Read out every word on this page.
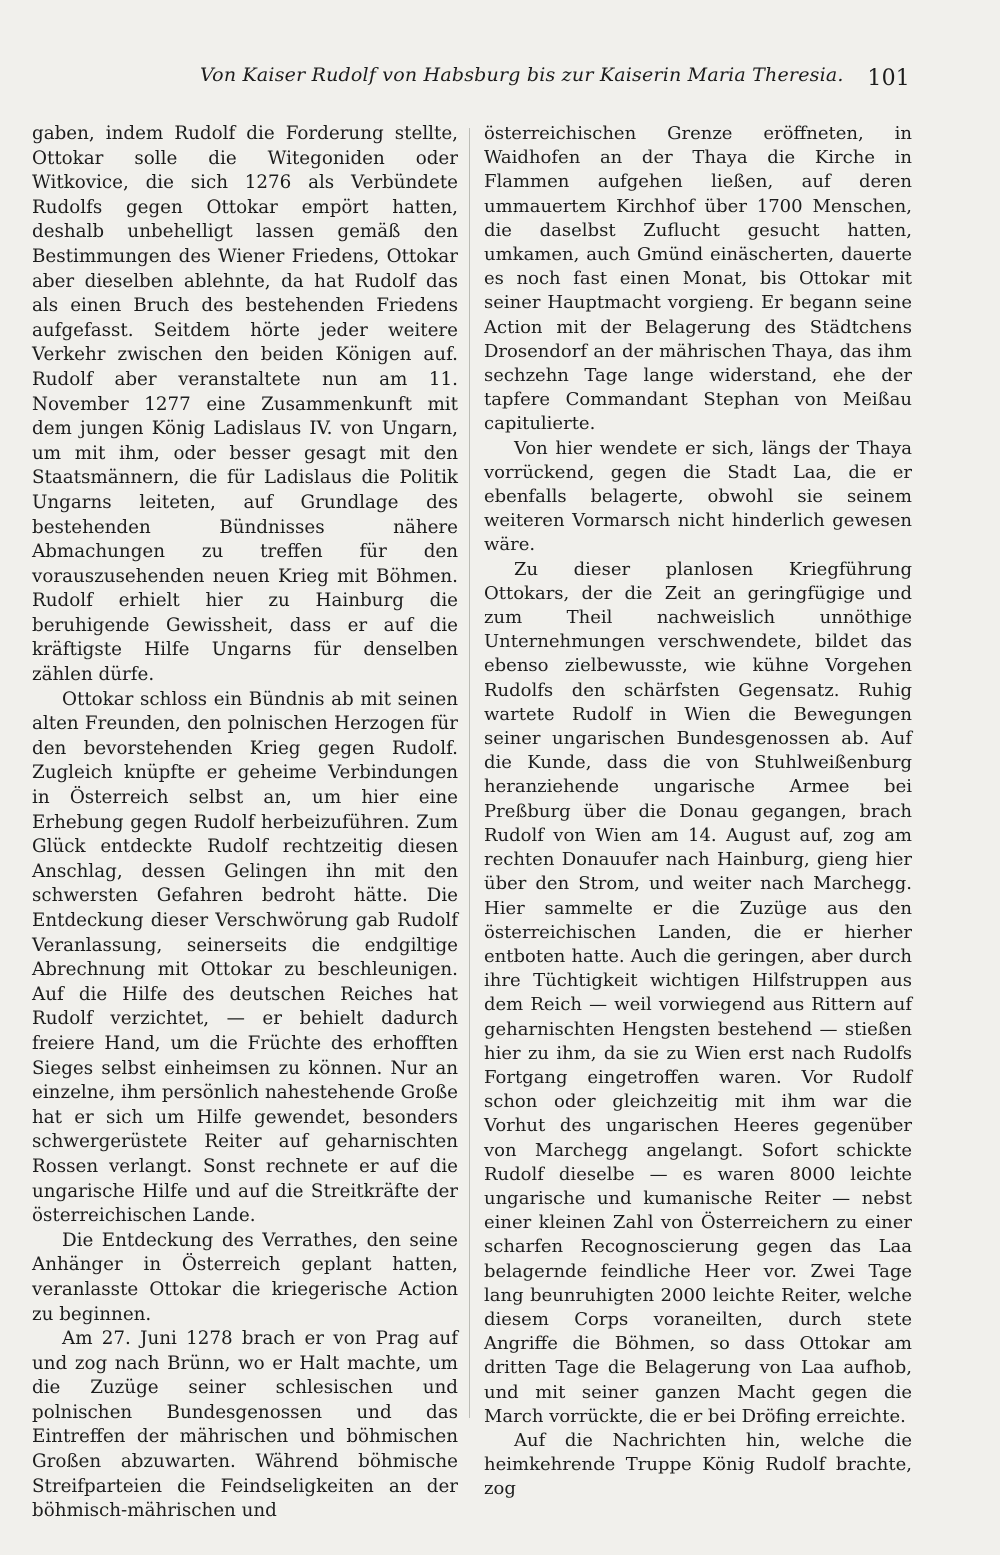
Von Kaiser Rudolf von Habsburg bis zur Kaiserin Maria Theresia. 101

gaben, indem Rudolf die Forderung stellte, Ottokar solle die Witegoniden oder Witkovice, die sich 1276 als Verbündete Rudolfs gegen Ottokar empört hatten, deshalb unbehelligt lassen gemäß den Bestimmungen des Wiener Friedens, Ottokar aber dieselben ablehnte, da hat Rudolf das als einen Bruch des bestehenden Friedens aufgefasst. Seitdem hörte jeder weitere Verkehr zwischen den beiden Königen auf. Rudolf aber veranstaltete nun am 11. November 1277 eine Zusammenkunft mit dem jungen König Ladislaus IV. von Ungarn, um mit ihm, oder besser gesagt mit den Staatsmännern, die für Ladislaus die Politik Ungarns leiteten, auf Grundlage des bestehenden Bündnisses nähere Abmachungen zu treffen für den vorauszusehenden neuen Krieg mit Böhmen. Rudolf erhielt hier zu Hainburg die beruhigende Gewissheit, dass er auf die kräftigste Hilfe Ungarns für denselben zählen dürfe.

Ottokar schloss ein Bündnis ab mit seinen alten Freunden, den polnischen Herzogen für den bevorstehenden Krieg gegen Rudolf. Zugleich knüpfte er geheime Verbindungen in Österreich selbst an, um hier eine Erhebung gegen Rudolf herbeizuführen. Zum Glück entdeckte Rudolf rechtzeitig diesen Anschlag, dessen Gelingen ihn mit den schwersten Gefahren bedroht hätte. Die Entdeckung dieser Verschwörung gab Rudolf Veranlassung, seinerseits die endgiltige Abrechnung mit Ottokar zu beschleunigen. Auf die Hilfe des deutschen Reiches hat Rudolf verzichtet, — er behielt dadurch freiere Hand, um die Früchte des erhofften Sieges selbst einheimsen zu können. Nur an einzelne, ihm persönlich nahestehende Große hat er sich um Hilfe gewendet, besonders schwergerüstete Reiter auf geharnischten Rossen verlangt. Sonst rechnete er auf die ungarische Hilfe und auf die Streitkräfte der österreichischen Lande.

Die Entdeckung des Verrathes, den seine Anhänger in Österreich geplant hatten, veranlasste Ottokar die kriegerische Action zu beginnen.

Am 27. Juni 1278 brach er von Prag auf und zog nach Brünn, wo er Halt machte, um die Zuzüge seiner schlesischen und polnischen Bundesgenossen und das Eintreffen der mährischen und böhmischen Großen abzuwarten. Während böhmische Streifparteien die Feindseligkeiten an der böhmisch-mährischen und

österreichischen Grenze eröffneten, in Waidhofen an der Thaya die Kirche in Flammen aufgehen ließen, auf deren ummauertem Kirchhof über 1700 Menschen, die daselbst Zuflucht gesucht hatten, umkamen, auch Gmünd einäscherten, dauerte es noch fast einen Monat, bis Ottokar mit seiner Hauptmacht vorgieng. Er begann seine Action mit der Belagerung des Städtchens Drosendorf an der mährischen Thaya, das ihm sechzehn Tage lange widerstand, ehe der tapfere Commandant Stephan von Meißau capitulierte.

Von hier wendete er sich, längs der Thaya vorrückend, gegen die Stadt Laa, die er ebenfalls belagerte, obwohl sie seinem weiteren Vormarsch nicht hinderlich gewesen wäre.

Zu dieser planlosen Kriegführung Ottokars, der die Zeit an geringfügige und zum Theil nachweislich unnöthige Unternehmungen verschwendete, bildet das ebenso zielbewusste, wie kühne Vorgehen Rudolfs den schärfsten Gegensatz. Ruhig wartete Rudolf in Wien die Bewegungen seiner ungarischen Bundesgenossen ab. Auf die Kunde, dass die von Stuhlweißenburg heranziehende ungarische Armee bei Preßburg über die Donau gegangen, brach Rudolf von Wien am 14. August auf, zog am rechten Donauufer nach Hainburg, gieng hier über den Strom, und weiter nach Marchegg. Hier sammelte er die Zuzüge aus den österreichischen Landen, die er hierher entboten hatte. Auch die geringen, aber durch ihre Tüchtigkeit wichtigen Hilfstruppen aus dem Reich — weil vorwiegend aus Rittern auf geharnischten Hengsten bestehend — stießen hier zu ihm, da sie zu Wien erst nach Rudolfs Fortgang eingetroffen waren. Vor Rudolf schon oder gleichzeitig mit ihm war die Vorhut des ungarischen Heeres gegenüber von Marchegg angelangt. Sofort schickte Rudolf dieselbe — es waren 8000 leichte ungarische und kumanische Reiter — nebst einer kleinen Zahl von Österreichern zu einer scharfen Recognoscierung gegen das Laa belagernde feindliche Heer vor. Zwei Tage lang beunruhigten 2000 leichte Reiter, welche diesem Corps voraneilten, durch stete Angriffe die Böhmen, so dass Ottokar am dritten Tage die Belagerung von Laa aufhob, und mit seiner ganzen Macht gegen die March vorrückte, die er bei Dröfing erreichte.

Auf die Nachrichten hin, welche die heimkehrende Truppe König Rudolf brachte, zog
